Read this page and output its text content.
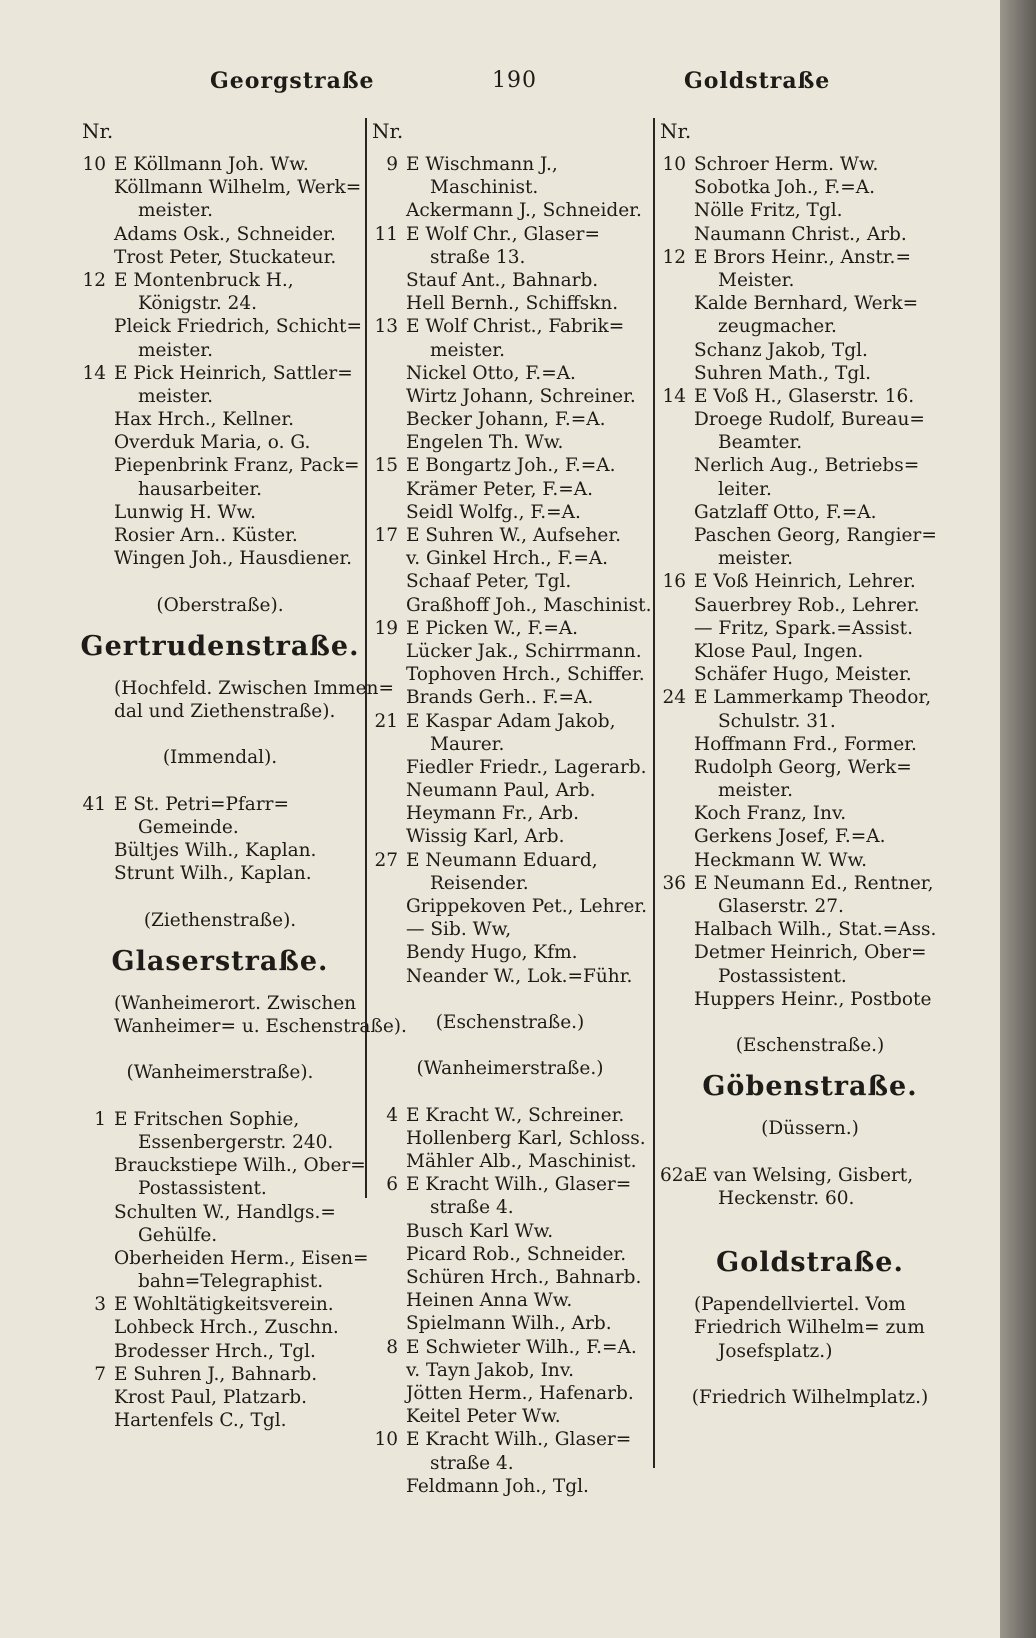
Georgstraße	190	Goldstraße
Nr.	Nr.	Nr.
10 E Köllmann Joh. Ww.
Köllmann Wilhelm, Werk=
meister.
Adams Osk., Schneider.
Trost Peter, Stuckateur.
12 E Montenbruck H.,
Königstr. 24.
Pleick Friedrich, Schicht=
meister.
14 E Pick Heinrich, Sattler=
meister.
Hax Hrch., Kellner.
Overduk Maria, o. G.
Piepenbrink Franz, Pack=
hausarbeiter.
Lunwig H. Ww.
Rosier Arn.. Küster.
Wingen Joh., Hausdiener.
(Oberstraße).
Gertrudenstraße.
(Hochfeld. Zwischen Immen=
dal und Ziethenstraße).
(Immendal).
41 E St. Petri=Pfarr=
Gemeinde.
Bültjes Wilh., Kaplan.
Strunt Wilh., Kaplan.
(Ziethenstraße).
Glaserstraße.
(Wanheimerort. Zwischen
Wanheimer= u. Eschenstraße).
(Wanheimerstraße).
1 E Fritschen Sophie,
Essenbergerstr. 240.
Brauckstiepe Wilh., Ober=
Postassistent.
Schulten W., Handlgs.=
Gehülfe.
Oberheiden Herm., Eisen=
bahn=Telegraphist.
3 E Wohltätigkeitsverein.
Lohbeck Hrch., Zuschn.
Brodesser Hrch., Tgl.
7 E Suhren J., Bahnarb.
Krost Paul, Platzarb.
Hartenfels C., Tgl.
9 E Wischmann J.,
Maschinist.
Ackermann J., Schneider.
11 E Wolf Chr., Glaser=
straße 13.
Stauf Ant., Bahnarb.
Hell Bernh., Schiffskn.
13 E Wolf Christ., Fabrik=
meister.
Nickel Otto, F.=A.
Wirtz Johann, Schreiner.
Becker Johann, F.=A.
Engelen Th. Ww.
15 E Bongartz Joh., F.=A.
Krämer Peter, F.=A.
Seidl Wolfg., F.=A.
17 E Suhren W., Aufseher.
v. Ginkel Hrch., F.=A.
Schaaf Peter, Tgl.
Graßhoff Joh., Maschinist.
19 E Picken W., F.=A.
Lücker Jak., Schirrmann.
Tophoven Hrch., Schiffer.
Brands Gerh.. F.=A.
21 E Kaspar Adam Jakob,
Maurer.
Fiedler Friedr., Lagerarb.
Neumann Paul, Arb.
Heymann Fr., Arb.
Wissig Karl, Arb.
27 E Neumann Eduard,
Reisender.
Grippekoven Pet., Lehrer.
— Sib. Ww,
Bendy Hugo, Kfm.
Neander W., Lok.=Führ.
(Eschenstraße.)
(Wanheimerstraße.)
4 E Kracht W., Schreiner.
Hollenberg Karl, Schloss.
Mähler Alb., Maschinist.
6 E Kracht Wilh., Glaser=
straße 4.
Busch Karl Ww.
Picard Rob., Schneider.
Schüren Hrch., Bahnarb.
Heinen Anna Ww.
Spielmann Wilh., Arb.
8 E Schwieter Wilh., F.=A.
v. Tayn Jakob, Inv.
Jötten Herm., Hafenarb.
Keitel Peter Ww.
10 E Kracht Wilh., Glaser=
straße 4.
Feldmann Joh., Tgl.
10 Schroer Herm. Ww.
Sobotka Joh., F.=A.
Nölle Fritz, Tgl.
Naumann Christ., Arb.
12 E Brors Heinr., Anstr.=
Meister.
Kalde Bernhard, Werk=
zeugmacher.
Schanz Jakob, Tgl.
Suhren Math., Tgl.
14 E Voß H., Glaserstr. 16.
Droege Rudolf, Bureau=
Beamter.
Nerlich Aug., Betriebs=
leiter.
Gatzlaff Otto, F.=A.
Paschen Georg, Rangier=
meister.
16 E Voß Heinrich, Lehrer.
Sauerbrey Rob., Lehrer.
— Fritz, Spark.=Assist.
Klose Paul, Ingen.
Schäfer Hugo, Meister.
24 E Lammerkamp Theodor,
Schulstr. 31.
Hoffmann Frd., Former.
Rudolph Georg, Werk=
meister.
Koch Franz, Inv.
Gerkens Josef, F.=A.
Heckmann W. Ww.
36 E Neumann Ed., Rentner,
Glaserstr. 27.
Halbach Wilh., Stat.=Ass.
Detmer Heinrich, Ober=
Postassistent.
Huppers Heinr., Postbote
(Eschenstraße.)
Göbenstraße.
(Düssern.)
62aE van Welsing, Gisbert,
Heckenstr. 60.
Goldstraße.
(Papendellviertel. Vom
Friedrich Wilhelm= zum
Josefsplatz.)
(Friedrich Wilhelmplatz.)
